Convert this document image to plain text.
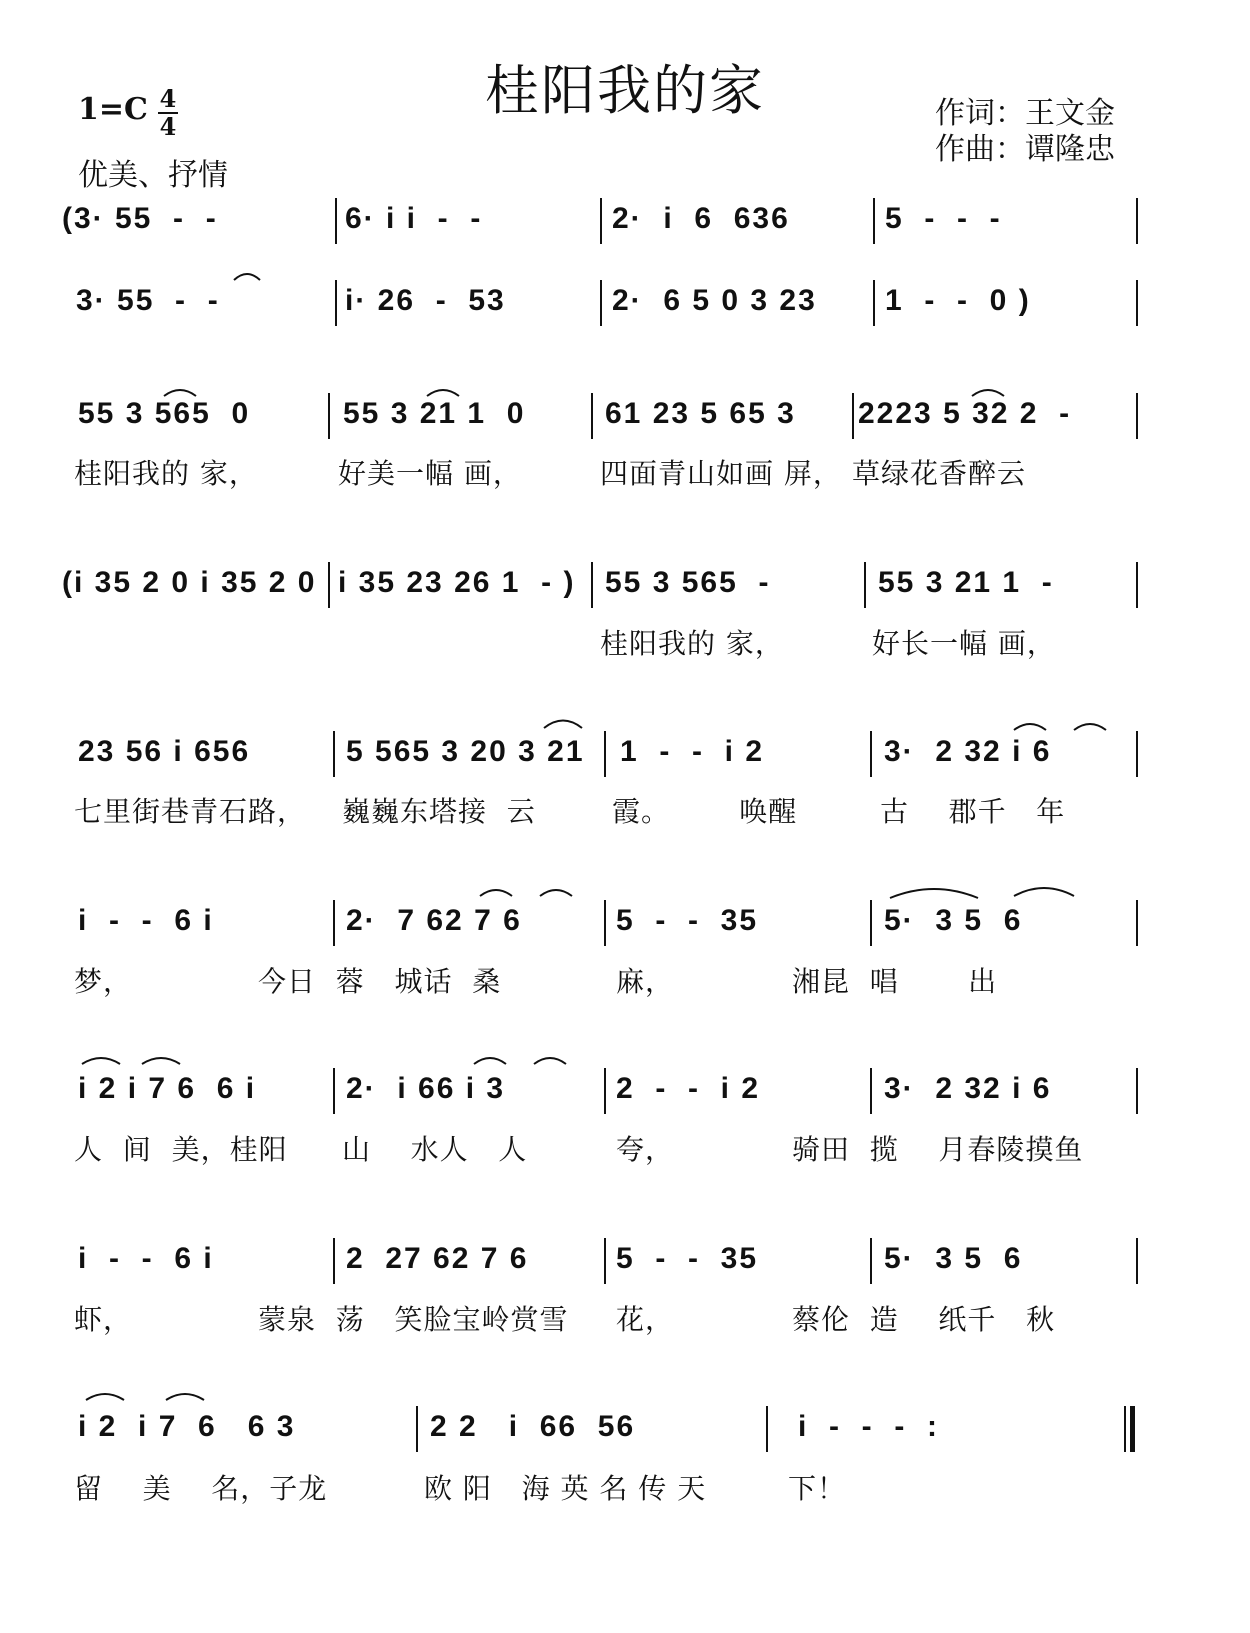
桂阳我的家
1=C 4
4
优美、抒情
作词：王文金
作曲：谭隆忠
(3· 55  -  -	6· i i  -  -	2·  i  6  636	5  -  -  -
3· 55  -  -	i· 26  -  53	2·  6 5 0 3 23 1  -  -  0 )
55 3 565  0	55 3 21 1  0	61 23 5 65 3 2223 5 32 2  -
桂阳我的 家，	好美一幅 画，	四面青山如画 屏， 草绿花香醉云
(i 35 2 0 i 35 2 0 i 35 23 26 1  - ) 55 3 565  -	55 3 21 1  -
桂阳我的 家，	好长一幅 画，
23 56 i 656	5 565 3 20 3 21 1  -  -  i 2	3·  2 32 i 6
七里街巷青石路， 巍巍东塔接  云	霞。       唤醒	古    郡千   年
i  -  -  6 i	2·  7 62 7 6	5  -  -  35	5·  3 5  6
梦，	今日  蓉   城话  桑	麻，	湘昆  唱       出
i 2 i 7 6  6 i	2·  i 66 i 3	2  -  -  i 2	3·  2 32 i 6
人  间  美，桂阳 山    水人   人	夸，	骑田  揽    月春陵摸鱼
i  -  -  6 i	2  27 62 7 6	5  -  -  35	5·  3 5  6
虾，	蒙泉  荡   笑脸宝岭赏雪 花，	蔡伦  造    纸千   秋
i 2  i 7  6   6 3	2 2   i  66  56	i  -  -  -  :
留    美    名，子龙	欧 阳   海 英 名 传 天	下！
